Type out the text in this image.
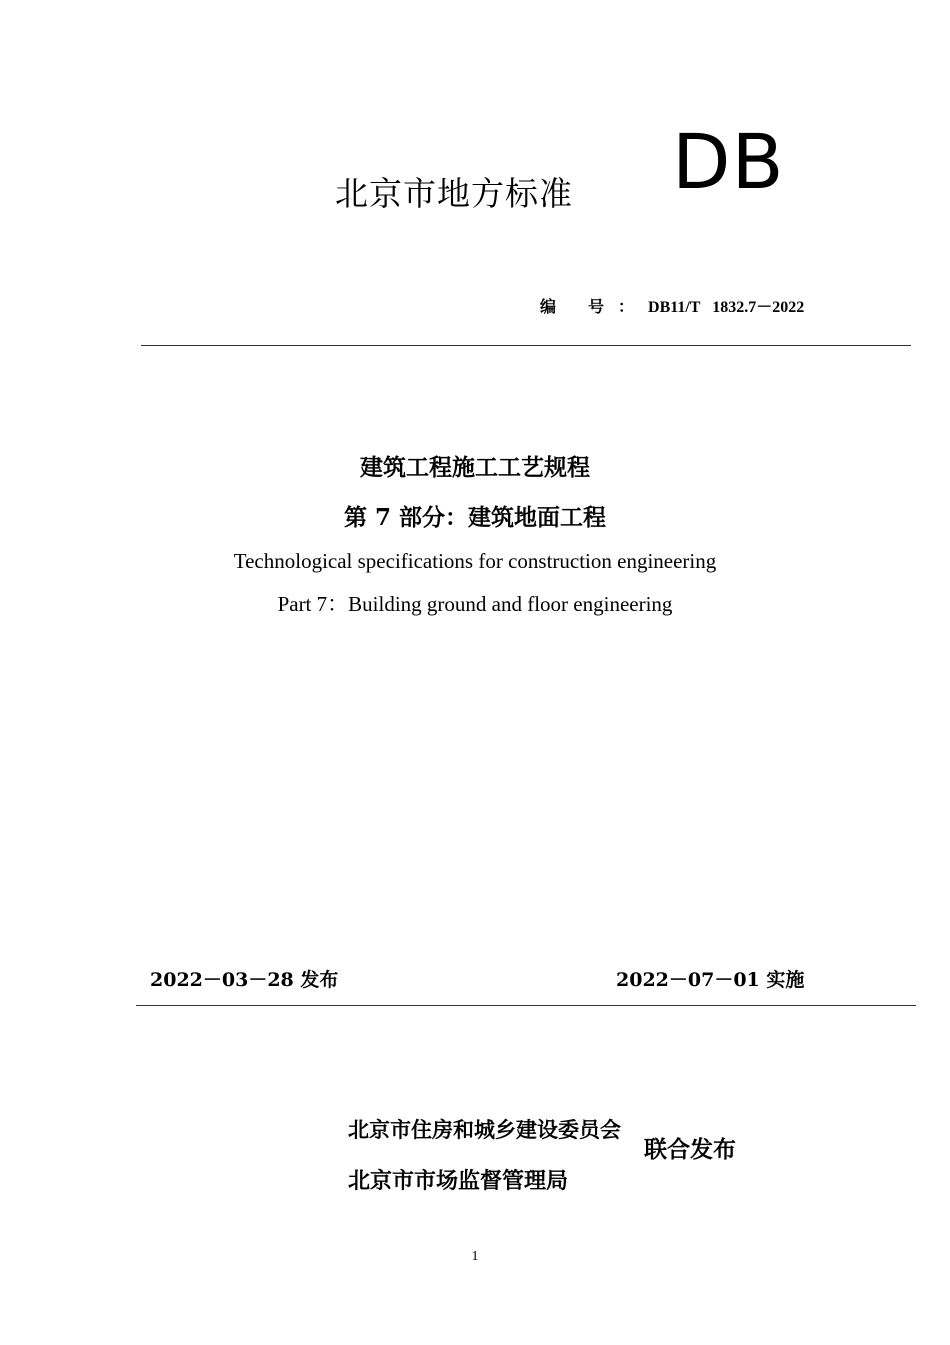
北京市地方标准 DB
编 号：DB11/T   1832.7－2022
建筑工程施工工艺规程
第 7 部分：建筑地面工程
Technological specifications for construction engineering
Part 7：Building ground and floor engineering
2022－03－28 发布	2022－07－01 实施
北京市住房和城乡建设委员会
北京市市场监督管理局
联合发布
1
